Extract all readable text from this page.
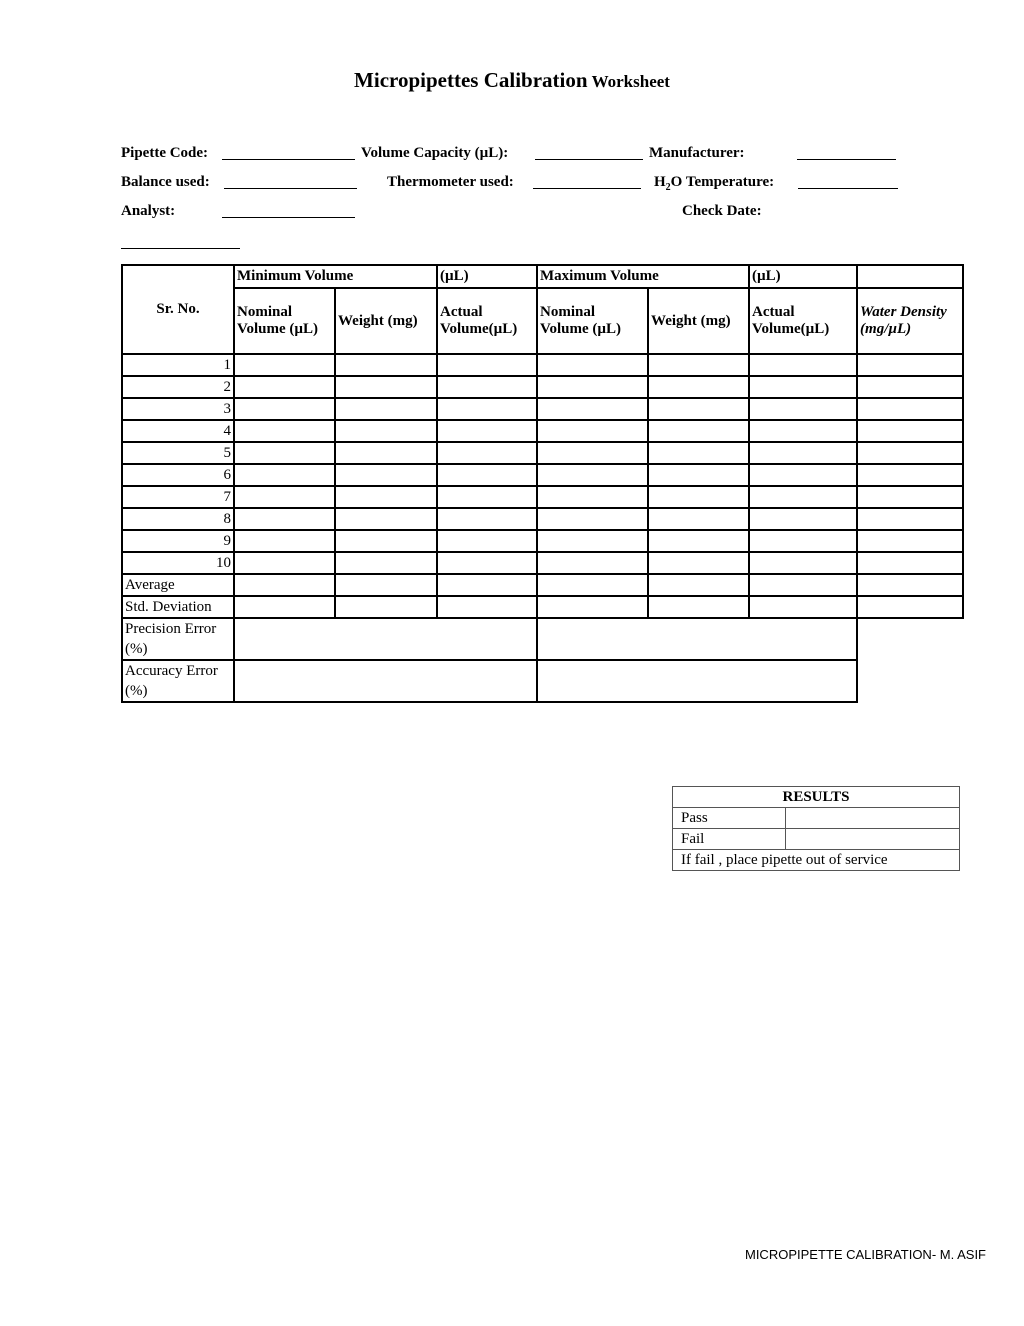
Micropipettes Calibration Worksheet
Pipette Code:	Volume Capacity (µL):	Manufacturer:
Balance used:	Thermometer used:	$H_2O$ Temperature:
Analyst:	Check Date:
Sr. No.	Minimum Volume		(µL)	Maximum Volume		(µL)	
	Nominal Volume (µL)	Weight (mg)	Actual Volume(µL)	Nominal Volume (µL)	Weight (mg)	Actual Volume(µL)	Water Density (mg/µL)
1							
2							
3							
4							
5							
6							
7							
8							
9							
10							
Average							
Std. Deviation							
Precision Error (%)							
Accuracy Error (%)							
RESULTS	
Pass	
Fail	
If fail , place pipette out of service	
MICROPIPETTE CALIBRATION- M. ASIF
